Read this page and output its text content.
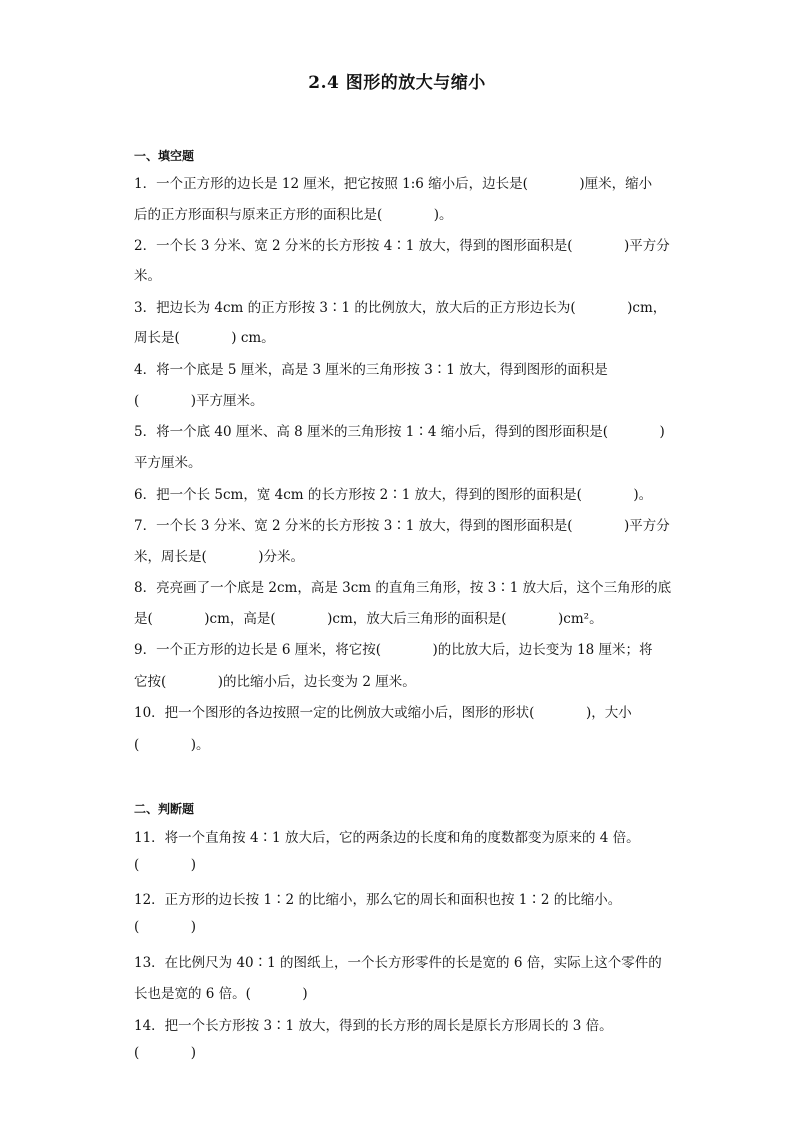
2.4 图形的放大与缩小
一、填空题
1．一个正方形的边长是 12 厘米，把它按照 1:6 缩小后，边长是(            )厘米，缩小
后的正方形面积与原来正方形的面积比是(            )。
2．一个长 3 分米、宽 2 分米的长方形按 4∶1 放大，得到的图形面积是(            )平方分
米。
3．把边长为 4cm 的正方形按 3∶1 的比例放大，放大后的正方形边长为(            )cm，
周长是(            ) cm。
4．将一个底是 5 厘米，高是 3 厘米的三角形按 3∶1 放大，得到图形的面积是
(            )平方厘米。
5．将一个底 40 厘米、高 8 厘米的三角形按 1∶4 缩小后，得到的图形面积是(            )
平方厘米。
6．把一个长 5cm，宽 4cm 的长方形按 2∶1 放大，得到的图形的面积是(            )。
7．一个长 3 分米、宽 2 分米的长方形按 3∶1 放大，得到的图形面积是(            )平方分
米，周长是(            )分米。
8．亮亮画了一个底是 2cm，高是 3cm 的直角三角形，按 3∶1 放大后，这个三角形的底
是(            )cm，高是(            )cm，放大后三角形的面积是(            )cm²。
9．一个正方形的边长是 6 厘米，将它按(            )的比放大后，边长变为 18 厘米；将
它按(            )的比缩小后，边长变为 2 厘米。
10．把一个图形的各边按照一定的比例放大或缩小后，图形的形状(            )，大小
(            )。
二、判断题
11．将一个直角按 4∶1 放大后，它的两条边的长度和角的度数都变为原来的 4 倍。
(            )
12．正方形的边长按 1∶2 的比缩小，那么它的周长和面积也按 1∶2 的比缩小。
(            )
13．在比例尺为 40∶1 的图纸上，一个长方形零件的长是宽的 6 倍，实际上这个零件的
长也是宽的 6 倍。(            )
14．把一个长方形按 3∶1 放大，得到的长方形的周长是原长方形周长的 3 倍。
(            )
